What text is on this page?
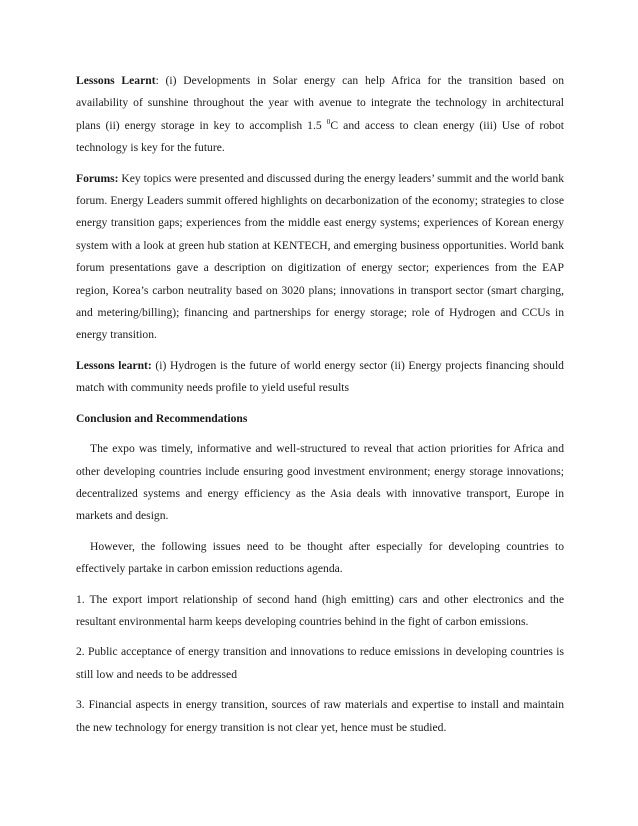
Lessons Learnt: (i) Developments in Solar energy can help Africa for the transition based on availability of sunshine throughout the year with avenue to integrate the technology in architectural plans (ii) energy storage in key to accomplish 1.5 $^0$C and access to clean energy (iii) Use of robot technology is key for the future.

Forums: Key topics were presented and discussed during the energy leaders’ summit and the world bank forum. Energy Leaders summit offered highlights on decarbonization of the economy; strategies to close energy transition gaps; experiences from the middle east energy systems; experiences of Korean energy system with a look at green hub station at KENTECH, and emerging business opportunities. World bank forum presentations gave a description on digitization of energy sector; experiences from the EAP region, Korea’s carbon neutrality based on 3020 plans; innovations in transport sector (smart charging, and metering/billing); financing and partnerships for energy storage; role of Hydrogen and CCUs in energy transition.

Lessons learnt: (i) Hydrogen is the future of world energy sector (ii) Energy projects financing should match with community needs profile to yield useful results

Conclusion and Recommendations

The expo was timely, informative and well-structured to reveal that action priorities for Africa and other developing countries include ensuring good investment environment; energy storage innovations; decentralized systems and energy efficiency as the Asia deals with innovative transport, Europe in markets and design.

However, the following issues need to be thought after especially for developing countries to effectively partake in carbon emission reductions agenda.

1. The export import relationship of second hand (high emitting) cars and other electronics and the resultant environmental harm keeps developing countries behind in the fight of carbon emissions.

2. Public acceptance of energy transition and innovations to reduce emissions in developing countries is still low and needs to be addressed

3. Financial aspects in energy transition, sources of raw materials and expertise to install and maintain the new technology for energy transition is not clear yet, hence must be studied.
